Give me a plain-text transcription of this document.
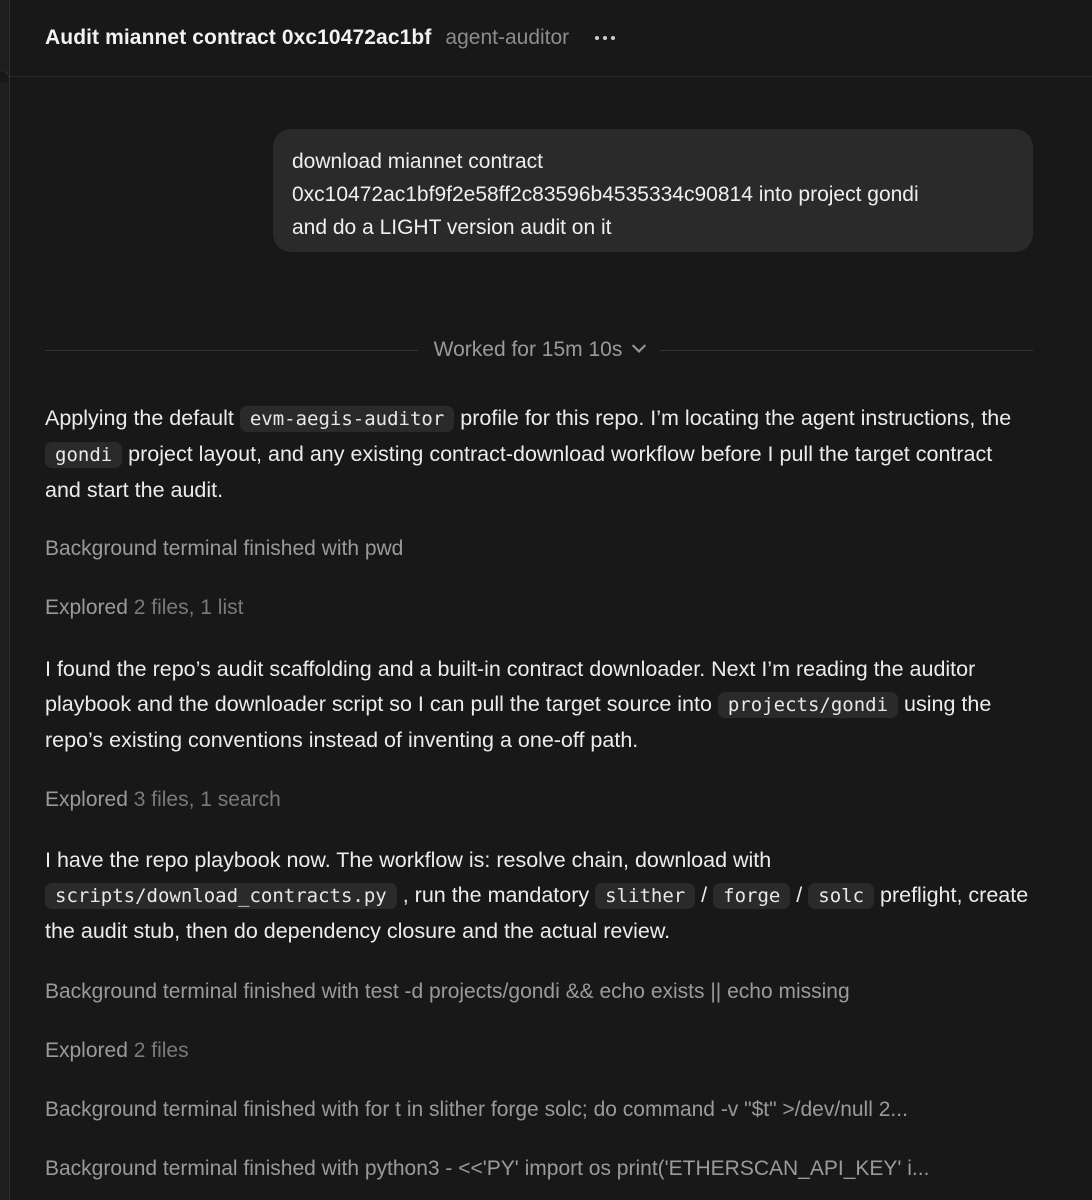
Audit miannet contract 0xc10472ac1bf agent-auditor
download miannet contract
0xc10472ac1bf9f2e58ff2c83596b4535334c90814 into project gondi
and do a LIGHT version audit on it
Worked for 15m 10s
Applying the default evm-aegis-auditor profile for this repo. I’m locating the agent instructions, the gondi project layout, and any existing contract-download workflow before I pull the target contract and start the audit.
Background terminal finished with pwd
Explored 2 files, 1 list
I found the repo’s audit scaffolding and a built-in contract downloader. Next I’m reading the auditor playbook and the downloader script so I can pull the target source into projects/gondi using the repo’s existing conventions instead of inventing a one-off path.
Explored 3 files, 1 search
I have the repo playbook now. The workflow is: resolve chain, download with scripts/download_contracts.py , run the mandatory slither / forge / solc preflight, create the audit stub, then do dependency closure and the actual review.
Background terminal finished with test -d projects/gondi && echo exists || echo missing
Explored 2 files
Background terminal finished with for t in slither forge solc; do command -v "$t" >/dev/null 2...
Background terminal finished with python3 - <<'PY' import os print('ETHERSCAN_API_KEY' i...
